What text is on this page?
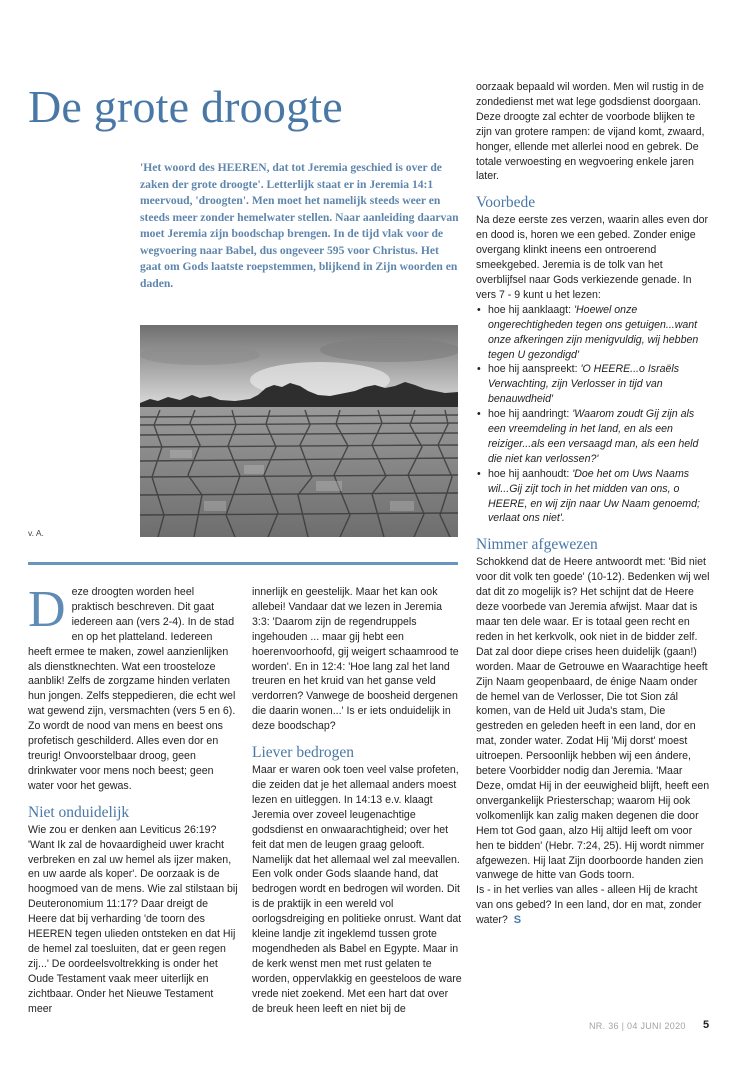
De grote droogte
'Het woord des HEEREN, dat tot Jeremia geschied is over de zaken der grote droogte'. Letterlijk staat er in Jeremia 14:1 meervoud, 'droogten'. Men moet het namelijk steeds weer en steeds meer zonder hemelwater stellen. Naar aanleiding daarvan moet Jeremia zijn boodschap brengen. In de tijd vlak voor de wegvoering naar Babel, dus ongeveer 595 voor Christus. Het gaat om Gods laatste roepstemmen, blijkend in Zijn woorden en daden.
v. A.

Deze droogten worden heel praktisch beschreven. Dit gaat iedereen aan (vers 2-4). In de stad en op het platteland. Iedereen heeft ermee te maken, zowel aanzienlijken als dienstknechten. Wat een troosteloze aanblik! Zelfs de zorgzame hinden verlaten hun jongen. Zelfs steppedieren, die echt wel wat gewend zijn, versmachten (vers 5 en 6). Zo wordt de nood van mens en beest ons profetisch geschilderd. Alles even dor en treurig! Onvoorstelbaar droog, geen drinkwater voor mens noch beest; geen water voor het gewas.

Niet onduidelijk

Wie zou er denken aan Leviticus 26:19? 'Want Ik zal de hovaardigheid uwer kracht verbreken en zal uw hemel als ijzer maken, en uw aarde als koper'. De oorzaak is de hoogmoed van de mens. Wie zal stilstaan bij Deuteronomium 11:17? Daar dreigt de Heere dat bij verharding 'de toorn des HEEREN tegen ulieden ontsteken en dat Hij de hemel zal toesluiten, dat er geen regen zij...' De oordeelsvoltrekking is onder het Oude Testament vaak meer uiterlijk en zichtbaar. Onder het Nieuwe Testament meer

innerlijk en geestelijk. Maar het kan ook allebei! Vandaar dat we lezen in Jeremia 3:3: 'Daarom zijn de regendruppels ingehouden ... maar gij hebt een hoerenvoorhoofd, gij weigert schaamrood te worden'. En in 12:4: 'Hoe lang zal het land treuren en het kruid van het ganse veld verdorren? Vanwege de boosheid dergenen die daarin wonen...' Is er iets onduidelijk in deze boodschap?

Liever bedrogen

Maar er waren ook toen veel valse profeten, die zeiden dat je het allemaal anders moest lezen en uitleggen. In 14:13 e.v. klaagt Jeremia over zoveel leugenachtige godsdienst en onwaarachtigheid; over het feit dat men de leugen graag gelooft. Namelijk dat het allemaal wel zal meevallen. Een volk onder Gods slaande hand, dat bedrogen wordt en bedrogen wil worden. Dit is de praktijk in een wereld vol oorlogsdreiging en politieke onrust. Want dat kleine landje zit ingeklemd tussen grote mogendheden als Babel en Egypte. Maar in de kerk wenst men met rust gelaten te worden, oppervlakkig en geesteloos de ware vrede niet zoekend. Met een hart dat over de breuk heen leeft en niet bij de

oorzaak bepaald wil worden. Men wil rustig in de zondedienst met wat lege godsdienst doorgaan. Deze droogte zal echter de voorbode blijken te zijn van grotere rampen: de vijand komt, zwaard, honger, ellende met allerlei nood en gebrek. De totale verwoesting en wegvoering enkele jaren later.

Voorbede

Na deze eerste zes verzen, waarin alles even dor en dood is, horen we een gebed. Zonder enige overgang klinkt ineens een ontroerend smeekgebed. Jeremia is de tolk van het overblijfsel naar Gods verkiezende genade. In vers 7 - 9 kunt u het lezen:

• hoe hij aanklaagt: 'Hoewel onze ongerechtigheden tegen ons getuigen...want onze afkeringen zijn menigvuldig, wij hebben tegen U gezondigd'
• hoe hij aanspreekt: 'O HEERE...o Israëls Verwachting, zijn Verlosser in tijd van benauwdheid'
• hoe hij aandringt: 'Waarom zoudt Gij zijn als een vreemdeling in het land, en als een reiziger...als een versaagd man, als een held die niet kan verlossen?'
• hoe hij aanhoudt: 'Doe het om Uws Naams wil...Gij zijt toch in het midden van ons, o HEERE, en wij zijn naar Uw Naam genoemd; verlaat ons niet'.
Nimmer afgewezen

Schokkend dat de Heere antwoordt met: 'Bid niet voor dit volk ten goede' (10-12). Bedenken wij wel dat dit zo mogelijk is? Het schijnt dat de Heere deze voorbede van Jeremia afwijst. Maar dat is maar ten dele waar. Er is totaal geen recht en reden in het kerkvolk, ook niet in de bidder zelf. Dat zal door diepe crises heen duidelijk (gaan!) worden. Maar de Getrouwe en Waarachtige heeft Zijn Naam geopenbaard, de énige Naam onder de hemel van de Verlosser, Die tot Sion zál komen, van de Held uit Juda's stam, Die gestreden en geleden heeft in een land, dor en mat, zonder water. Zodat Hij 'Mij dorst' moest uitroepen. Persoonlijk hebben wij een ándere, betere Voorbidder nodig dan Jeremia. 'Maar Deze, omdat Hij in der eeuwigheid blijft, heeft een onvergankelijk Priesterschap; waarom Hij ook volkomenlijk kan zalig maken degenen die door Hem tot God gaan, alzo Hij altijd leeft om voor hen te bidden' (Hebr. 7:24, 25). Hij wordt nimmer afgewezen. Hij laat Zijn doorboorde handen zien vanwege de hitte van Gods toorn.

Is - in het verlies van alles - alleen Hij de kracht van ons gebed? In een land, dor en mat, zonder water? S

NR. 36 | 04 JUNI 2020 5
